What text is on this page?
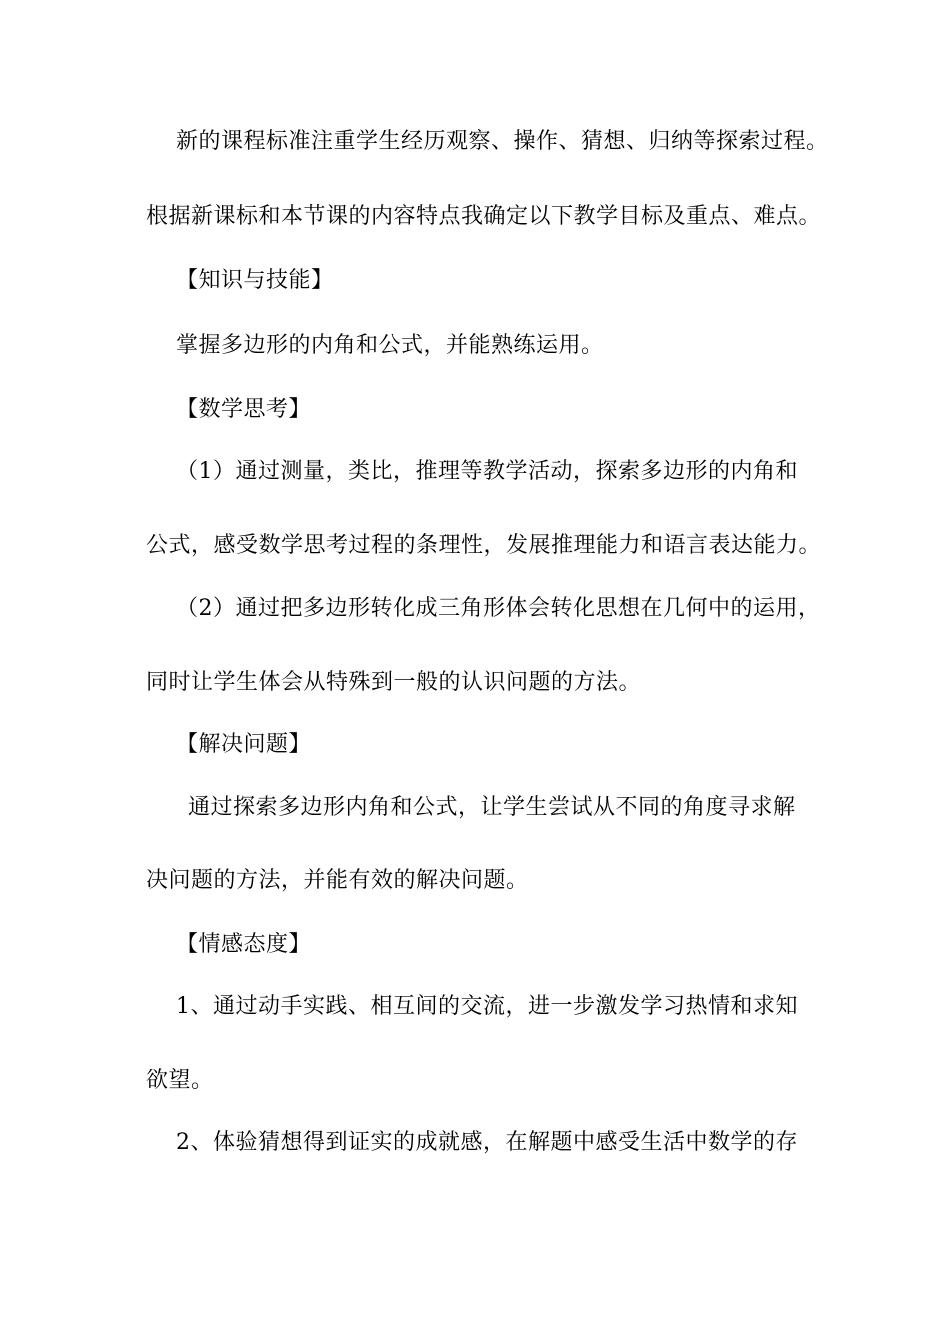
新的课程标准注重学生经历观察、操作、猜想、归纳等探索过程。
根据新课标和本节课的内容特点我确定以下教学目标及重点、难点。
【知识与技能】
掌握多边形的内角和公式，并能熟练运用。
【数学思考】
（1）通过测量，类比，推理等教学活动，探索多边形的内角和
公式，感受数学思考过程的条理性，发展推理能力和语言表达能力。
（2）通过把多边形转化成三角形体会转化思想在几何中的运用，
同时让学生体会从特殊到一般的认识问题的方法。
【解决问题】
通过探索多边形内角和公式，让学生尝试从不同的角度寻求解
决问题的方法，并能有效的解决问题。
【情感态度】
1、通过动手实践、相互间的交流，进一步激发学习热情和求知
欲望。
2、体验猜想得到证实的成就感，在解题中感受生活中数学的存
